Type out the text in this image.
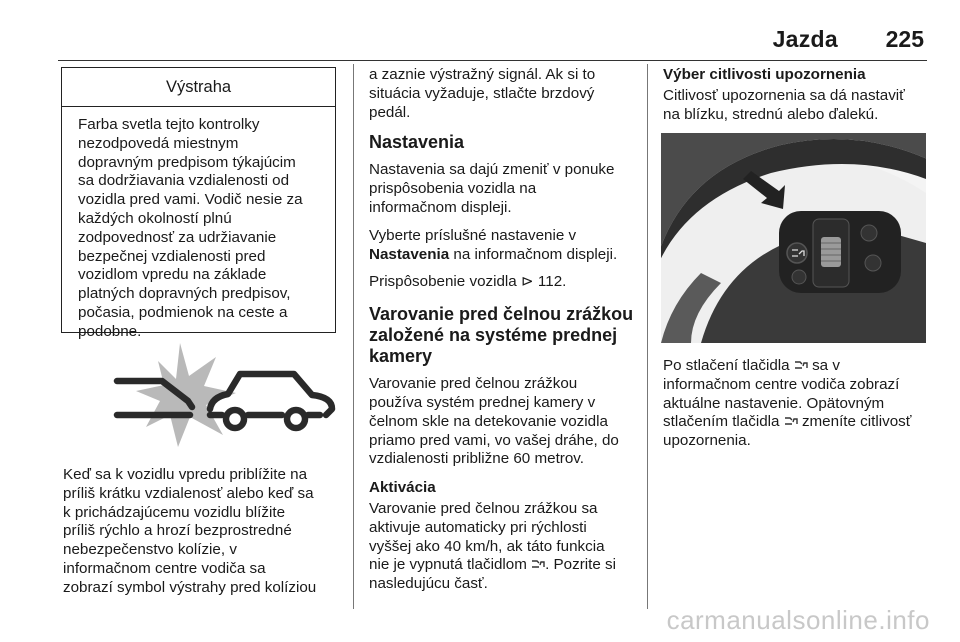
Jazda 225
Výstraha
Farba svetla tejto kontrolky
nezodpovedá miestnym
dopravným predpisom týkajúcim
sa dodržiavania vzdialenosti od
vozidla pred vami. Vodič nesie za
každých okolností plnú
zodpovednosť za udržiavanie
bezpečnej vzdialenosti pred
vozidlom vpredu na základe
platných dopravných predpisov,
počasia, podmienok na ceste a
podobne.
Keď sa k vozidlu vpredu priblížite na
príliš krátku vzdialenosť alebo keď sa
k prichádzajúcemu vozidlu blížite
príliš rýchlo a hrozí bezprostredné
nebezpečenstvo kolízie, v
informačnom centre vodiča sa
zobrazí symbol výstrahy pred kolíziou

a zaznie výstražný signál. Ak si to
situácia vyžaduje, stlačte brzdový
pedál.

Nastavenia

Nastavenia sa dajú zmeniť v ponuke
prispôsobenia vozidla na
informačnom displeji.

Vyberte príslušné nastavenie v
Nastavenia na informačnom displeji.

Prispôsobenie vozidla ⊳ 112.

Varovanie pred čelnou zrážkou
založené na systéme prednej
kamery

Varovanie pred čelnou zrážkou
používa systém prednej kamery v
čelnom skle na detekovanie vozidla
priamo pred vami, vo vašej dráhe, do
vzdialenosti približne 60 metrov.

Aktivácia

Varovanie pred čelnou zrážkou sa
aktivuje automaticky pri rýchlosti
vyššej ako 40 km/h, ak táto funkcia
nie je vypnutá tlačidlom . Pozrite si
nasledujúcu časť.

Výber citlivosti upozornenia
Citlivosť upozornenia sa dá nastaviť
na blízku, strednú alebo ďalekú.
Po stlačení tlačidla  sa v
informačnom centre vodiča zobrazí
aktuálne nastavenie. Opätovným
stlačením tlačidla  zmeníte citlivosť
upozornenia.
carmanualsonline.info
